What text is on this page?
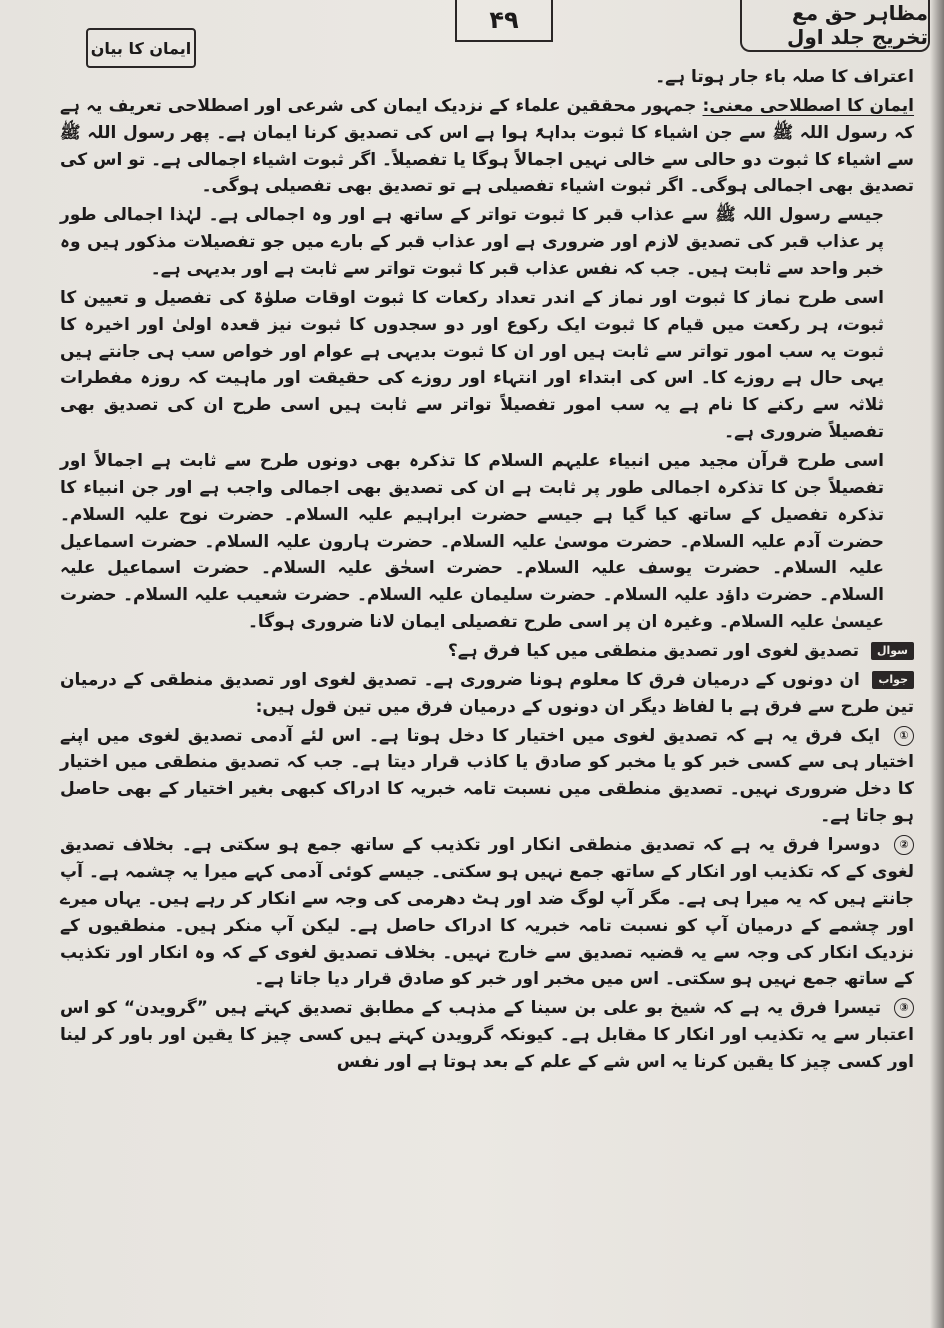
مظاہر حق مع تخریج جلد اول
۴۹
ایمان کا بیان

اعتراف کا صلہ باء جار ہوتا ہے۔

ایمان کا اصطلاحی معنی: جمہور محققین علماء کے نزدیک ایمان کی شرعی اور اصطلاحی تعریف یہ ہے کہ رسول اللہ ﷺ سے جن اشیاء کا ثبوت بداہۃً ہوا ہے اس کی تصدیق کرنا ایمان ہے۔ پھر رسول اللہ ﷺ سے اشیاء کا ثبوت دو حالی سے خالی نہیں اجمالاً ہوگا یا تفصیلاً۔ اگر ثبوت اشیاء اجمالی ہے۔ تو اس کی تصدیق بھی اجمالی ہوگی۔ اگر ثبوت اشیاء تفصیلی ہے تو تصدیق بھی تفصیلی ہوگی۔

جیسے رسول اللہ ﷺ سے عذاب قبر کا ثبوت تواتر کے ساتھ ہے اور وہ اجمالی ہے۔ لہٰذا اجمالی طور پر عذاب قبر کی تصدیق لازم اور ضروری ہے اور عذاب قبر کے بارے میں جو تفصیلات مذکور ہیں وہ خبر واحد سے ثابت ہیں۔ جب کہ نفس عذاب قبر کا ثبوت تواتر سے ثابت ہے اور بدیہی ہے۔

اسی طرح نماز کا ثبوت اور نماز کے اندر تعداد رکعات کا ثبوت اوقات صلوٰۃ کی تفصیل و تعیین کا ثبوت، ہر رکعت میں قیام کا ثبوت ایک رکوع اور دو سجدوں کا ثبوت نیز قعدہ اولیٰ اور اخیرہ کا ثبوت یہ سب امور تواتر سے ثابت ہیں اور ان کا ثبوت بدیہی ہے عوام اور خواص سب ہی جانتے ہیں یہی حال ہے روزے کا۔ اس کی ابتداء اور انتہاء اور روزے کی حقیقت اور ماہیت کہ روزہ مفطرات ثلاثہ سے رکنے کا نام ہے یہ سب امور تفصیلاً تواتر سے ثابت ہیں اسی طرح ان کی تصدیق بھی تفصیلاً ضروری ہے۔

اسی طرح قرآن مجید میں انبیاء علیہم السلام کا تذکرہ بھی دونوں طرح سے ثابت ہے اجمالاً اور تفصیلاً جن کا تذکرہ اجمالی طور پر ثابت ہے ان کی تصدیق بھی اجمالی واجب ہے اور جن انبیاء کا تذکرہ تفصیل کے ساتھ کیا گیا ہے جیسے حضرت ابراہیم علیہ السلام۔ حضرت نوح علیہ السلام۔ حضرت آدم علیہ السلام۔ حضرت موسیٰ علیہ السلام۔ حضرت ہارون علیہ السلام۔ حضرت اسماعیل علیہ السلام۔ حضرت یوسف علیہ السلام۔ حضرت اسحٰق علیہ السلام۔ حضرت اسماعیل علیہ السلام۔ حضرت داؤد علیہ السلام۔ حضرت سلیمان علیہ السلام۔ حضرت شعیب علیہ السلام۔ حضرت عیسیٰ علیہ السلام۔ وغیرہ ان پر اسی طرح تفصیلی ایمان لانا ضروری ہوگا۔

سوال تصدیق لغوی اور تصدیق منطقی میں کیا فرق ہے؟

جواب ان دونوں کے درمیان فرق کا معلوم ہونا ضروری ہے۔ تصدیق لغوی اور تصدیق منطقی کے درمیان تین طرح سے فرق ہے با لفاظ دیگر ان دونوں کے درمیان فرق میں تین قول ہیں:

① ایک فرق یہ ہے کہ تصدیق لغوی میں اختیار کا دخل ہوتا ہے۔ اس لئے آدمی تصدیق لغوی میں اپنے اختیار ہی سے کسی خبر کو یا مخبر کو صادق یا کاذب قرار دیتا ہے۔ جب کہ تصدیق منطقی میں اختیار کا دخل ضروری نہیں۔ تصدیق منطقی میں نسبت تامہ خبریہ کا ادراک کبھی بغیر اختیار کے بھی حاصل ہو جاتا ہے۔

② دوسرا فرق یہ ہے کہ تصدیق منطقی انکار اور تکذیب کے ساتھ جمع ہو سکتی ہے۔ بخلاف تصدیق لغوی کے کہ تکذیب اور انکار کے ساتھ جمع نہیں ہو سکتی۔ جیسے کوئی آدمی کہے میرا یہ چشمہ ہے۔ آپ جانتے ہیں کہ یہ میرا ہی ہے۔ مگر آپ لوگ ضد اور ہٹ دھرمی کی وجہ سے انکار کر رہے ہیں۔ یہاں میرے اور چشمے کے درمیان آپ کو نسبت تامہ خبریہ کا ادراک حاصل ہے۔ لیکن آپ منکر ہیں۔ منطقیوں کے نزدیک انکار کی وجہ سے یہ قضیہ تصدیق سے خارج نہیں۔ بخلاف تصدیق لغوی کے کہ وہ انکار اور تکذیب کے ساتھ جمع نہیں ہو سکتی۔ اس میں مخبر اور خبر کو صادق قرار دیا جاتا ہے۔

③ تیسرا فرق یہ ہے کہ شیخ بو علی بن سینا کے مذہب کے مطابق تصدیق کہتے ہیں ”گرویدن“ کو اس اعتبار سے یہ تکذیب اور انکار کا مقابل ہے۔ کیونکہ گرویدن کہتے ہیں کسی چیز کا یقین اور باور کر لینا اور کسی چیز کا یقین کرنا یہ اس شے کے علم کے بعد ہوتا ہے اور نفس
